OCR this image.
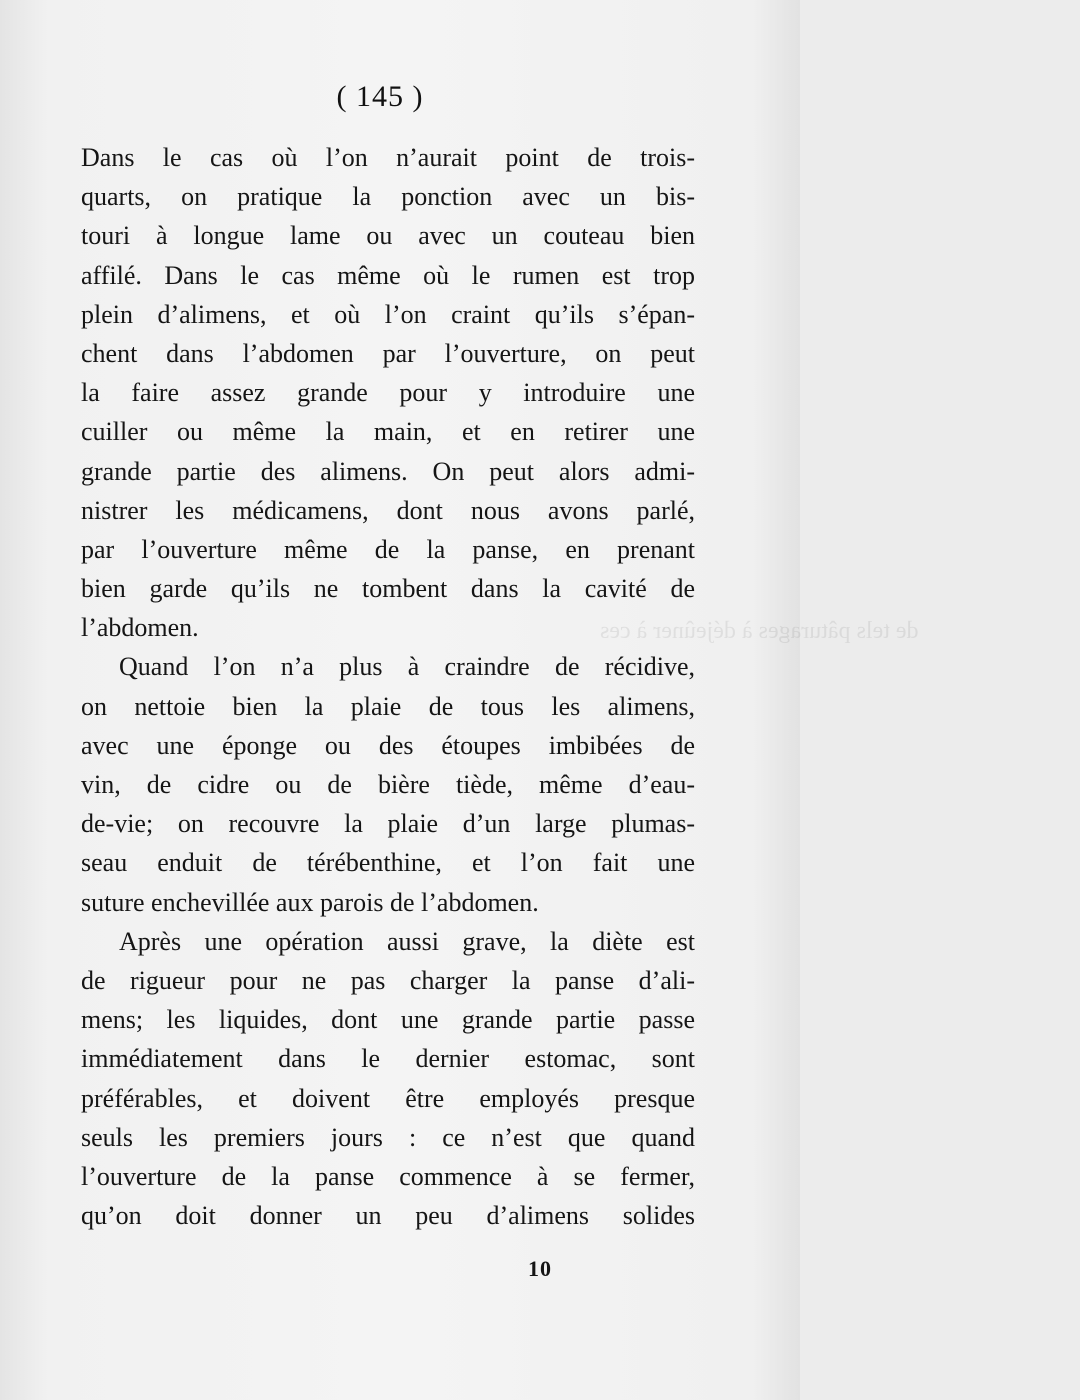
de tels pâturages à déjeûner à ces
( 145 )
Dans le cas où l’on n’aurait point de trois-
quarts, on pratique la ponction avec un bis-
touri à longue lame ou avec un couteau bien
affilé. Dans le cas même où le rumen est trop
plein d’alimens, et où l’on craint qu’ils s’épan-
chent dans l’abdomen par l’ouverture, on peut
la faire assez grande pour y introduire une
cuiller ou même la main, et en retirer une
grande partie des alimens. On peut alors admi-
nistrer les médicamens, dont nous avons parlé,
par l’ouverture même de la panse, en prenant
bien garde qu’ils ne tombent dans la cavité de
l’abdomen.
Quand l’on n’a plus à craindre de récidive,
on nettoie bien la plaie de tous les alimens,
avec une éponge ou des étoupes imbibées de
vin, de cidre ou de bière tiède, même d’eau-
de-vie; on recouvre la plaie d’un large plumas-
seau enduit de térébenthine, et l’on fait une
suture enchevillée aux parois de l’abdomen.
Après une opération aussi grave, la diète est
de rigueur pour ne pas charger la panse d’ali-
mens; les liquides, dont une grande partie passe
immédiatement dans le dernier estomac, sont
préférables, et doivent être employés presque
seuls les premiers jours : ce n’est que quand
l’ouverture de la panse commence à se fermer,
qu’on doit donner un peu d’alimens solides
10
